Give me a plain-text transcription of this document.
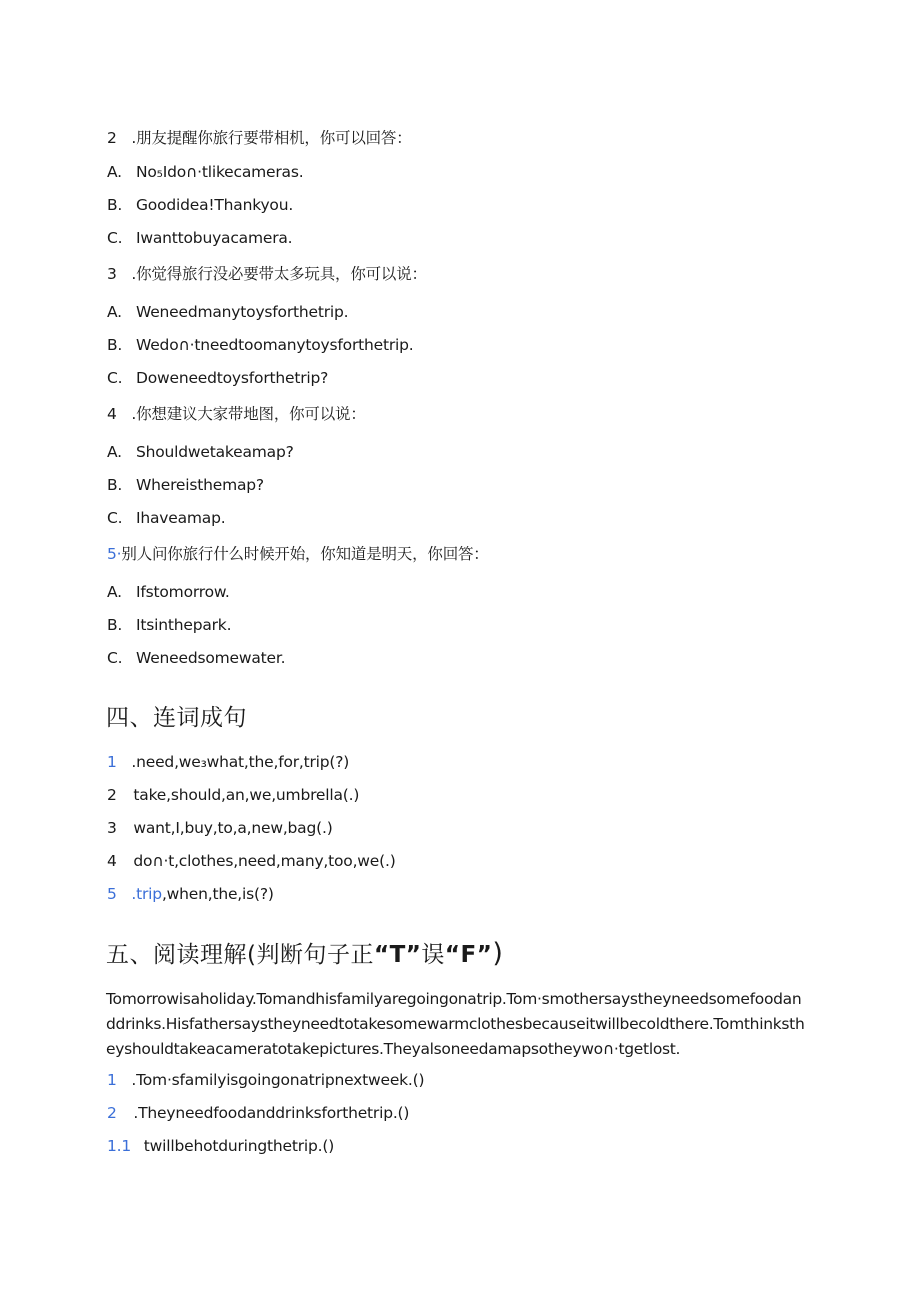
2 .朋友提醒你旅行要带相机，你可以回答：
A. No₅Ido∩·tlikecameras.
B. Goodidea!Thankyou.
C. Iwanttobuyacamera.
3 .你觉得旅行没必要带太多玩具，你可以说：
A. Weneedmanytoysforthetrip.
B. Wedo∩·tneedtoomanytoysforthetrip.
C. Doweneedtoysforthetrip?
4 .你想建议大家带地图，你可以说：
A. Shouldwetakeamap?
B. Whereisthemap?
C. Ihaveamap.
5·别人问你旅行什么时候开始，你知道是明天，你回答：
A. Ifstomorrow.
B. Itsinthepark.
C. Weneedsomewater.
四、连词成句
1 .need,we₃what,the,for,trip(?)
2 take,should,an,we,umbrella(.)
3 want,I,buy,to,a,new,bag(.)
4 do∩·t,clothes,need,many,too,we(.)
5 .trip,when,the,is(?)
五、阅读理解(判断句子正“T”误“F”)
Tomorrowisaholiday.Tomandhisfamilyaregoingonatrip.Tom·smothersaystheyneedsomefoodanddrinks.Hisfathersaystheyneedtotakesomewarmclothesbecauseitwillbecoldthere.Tomthinkstheyshouldtakeacameratotakepictures.Theyalsoneedamapsotheywo∩·tgetlost.
1 .Tom·sfamilyisgoingonatripnextweek.()
2 .Theyneedfoodanddrinksforthetrip.()
1.1 twillbehotduringthetrip.()
